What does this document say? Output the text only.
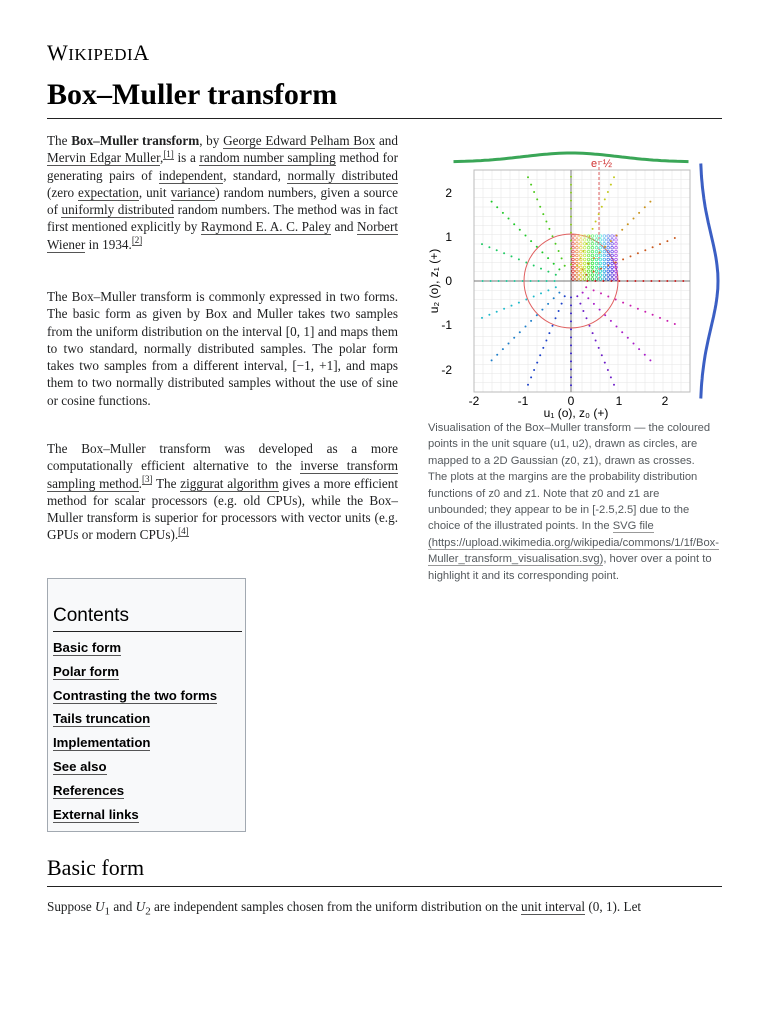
WIKIPEDIA
Box–Muller transform

The Box–Muller transform, by George Edward Pelham Box and Mervin Edgar Muller,[1] is a random number sampling method for generating pairs of independent, standard, normally distributed (zero expectation, unit variance) random numbers, given a source of uniformly distributed random numbers. The method was in fact first mentioned explicitly by Raymond E. A. C. Paley and Norbert Wiener in 1934.[2]

The Box–Muller transform is commonly expressed in two forms. The basic form as given by Box and Muller takes two samples from the uniform distribution on the interval [0, 1] and maps them to two standard, normally distributed samples. The polar form takes two samples from a different interval, [−1, +1], and maps them to two normally distributed samples without the use of sine or cosine functions.

The Box–Muller transform was developed as a more computationally efficient alternative to the inverse transform sampling method.[3] The ziggurat algorithm gives a more efficient method for scalar processors (e.g. old CPUs), while the Box–Muller transform is superior for processors with vector units (e.g. GPUs or modern CPUs).[4]

e⁻½
-2	-1	0	1	2
2
1
0
-1
-2
u₁ (o), z₀ (+)
u₂ (o), z₁ (+)

Visualisation of the Box–Muller transform — the coloured points in the unit square (u1, u2), drawn as circles, are mapped to a 2D Gaussian (z0, z1), drawn as crosses. The plots at the margins are the probability distribution functions of z0 and z1. Note that z0 and z1 are unbounded; they appear to be in [-2.5,2.5] due to the choice of the illustrated points. In the SVG file (https://upload.wikimedia.org/wikipedia/commons/1/1f/Box-Muller_transform_visualisation.svg), hover over a point to highlight it and its corresponding point.

Contents
Basic form
Polar form
Contrasting the two forms
Tails truncation
Implementation
See also
References
External links
Basic form

Suppose $U_1$ and $U_2$ are independent samples chosen from the uniform distribution on the unit interval (0, 1). Let
